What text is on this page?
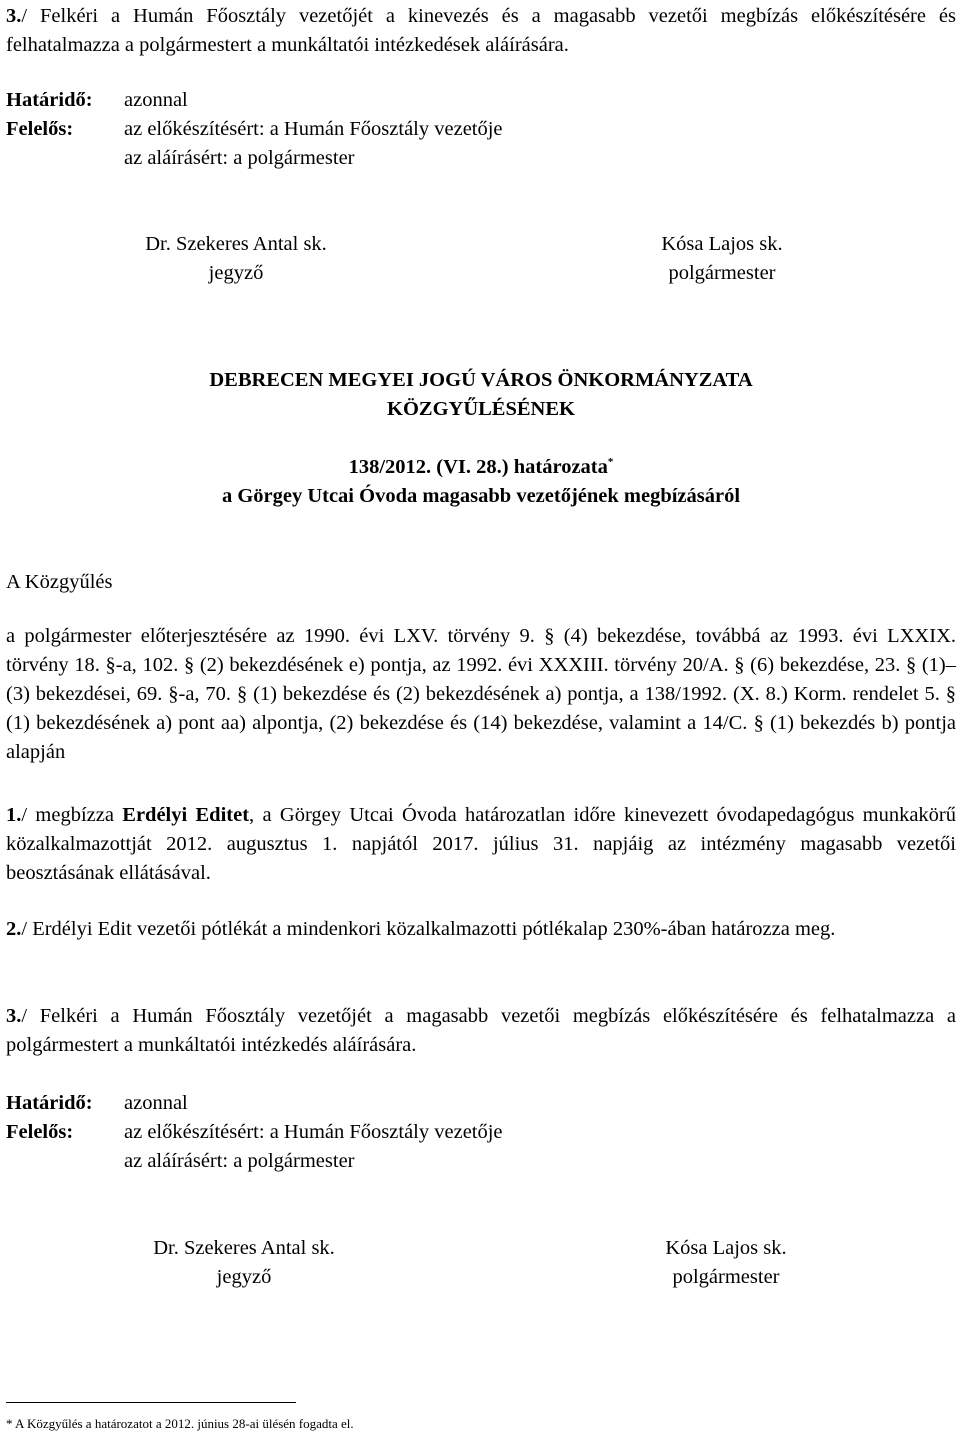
3./ Felkéri a Humán Főosztály vezetőjét a kinevezés és a magasabb vezetői megbízás előkészítésére és felhatalmazza a polgármestert a munkáltatói intézkedések aláírására.

Határidő:	azonnal
Felelős:	az előkészítésért: a Humán Főosztály vezetője
az aláírásért: a polgármester
Dr. Szekeres Antal sk.
jegyző
Kósa Lajos sk.
polgármester
DEBRECEN MEGYEI JOGÚ VÁROS ÖNKORMÁNYZATA
KÖZGYŰLÉSÉNEK
138/2012. (VI. 28.) határozata*
a Görgey Utcai Óvoda magasabb vezetőjének megbízásáról

A Közgyűlés

a polgármester előterjesztésére az 1990. évi LXV. törvény 9. § (4) bekezdése, továbbá az 1993. évi LXXIX. törvény 18. §-a, 102. § (2) bekezdésének e) pontja, az 1992. évi XXXIII. törvény 20/A. § (6) bekezdése, 23. § (1)–(3) bekezdései, 69. §-a, 70. § (1) bekezdése és (2) bekezdésének a) pontja, a 138/1992. (X. 8.) Korm. rendelet 5. § (1) bekezdésének a) pont aa) alpontja, (2) bekezdése és (14) bekezdése, valamint a 14/C. § (1) bekezdés b) pontja alapján

1./ megbízza Erdélyi Editet, a Görgey Utcai Óvoda határozatlan időre kinevezett óvodapedagógus munkakörű közalkalmazottját 2012. augusztus 1. napjától 2017. július 31. napjáig az intézmény magasabb vezetői beosztásának ellátásával.

2./ Erdélyi Edit vezetői pótlékát a mindenkori közalkalmazotti pótlékalap 230%-ában határozza meg.

3./ Felkéri a Humán Főosztály vezetőjét a magasabb vezetői megbízás előkészítésére és felhatalmazza a polgármestert a munkáltatói intézkedés aláírására.

Határidő:	azonnal
Felelős:	az előkészítésért: a Humán Főosztály vezetője
az aláírásért: a polgármester
Dr. Szekeres Antal sk.
jegyző
Kósa Lajos sk.
polgármester
* A Közgyűlés a határozatot a 2012. június 28-ai ülésén fogadta el.
